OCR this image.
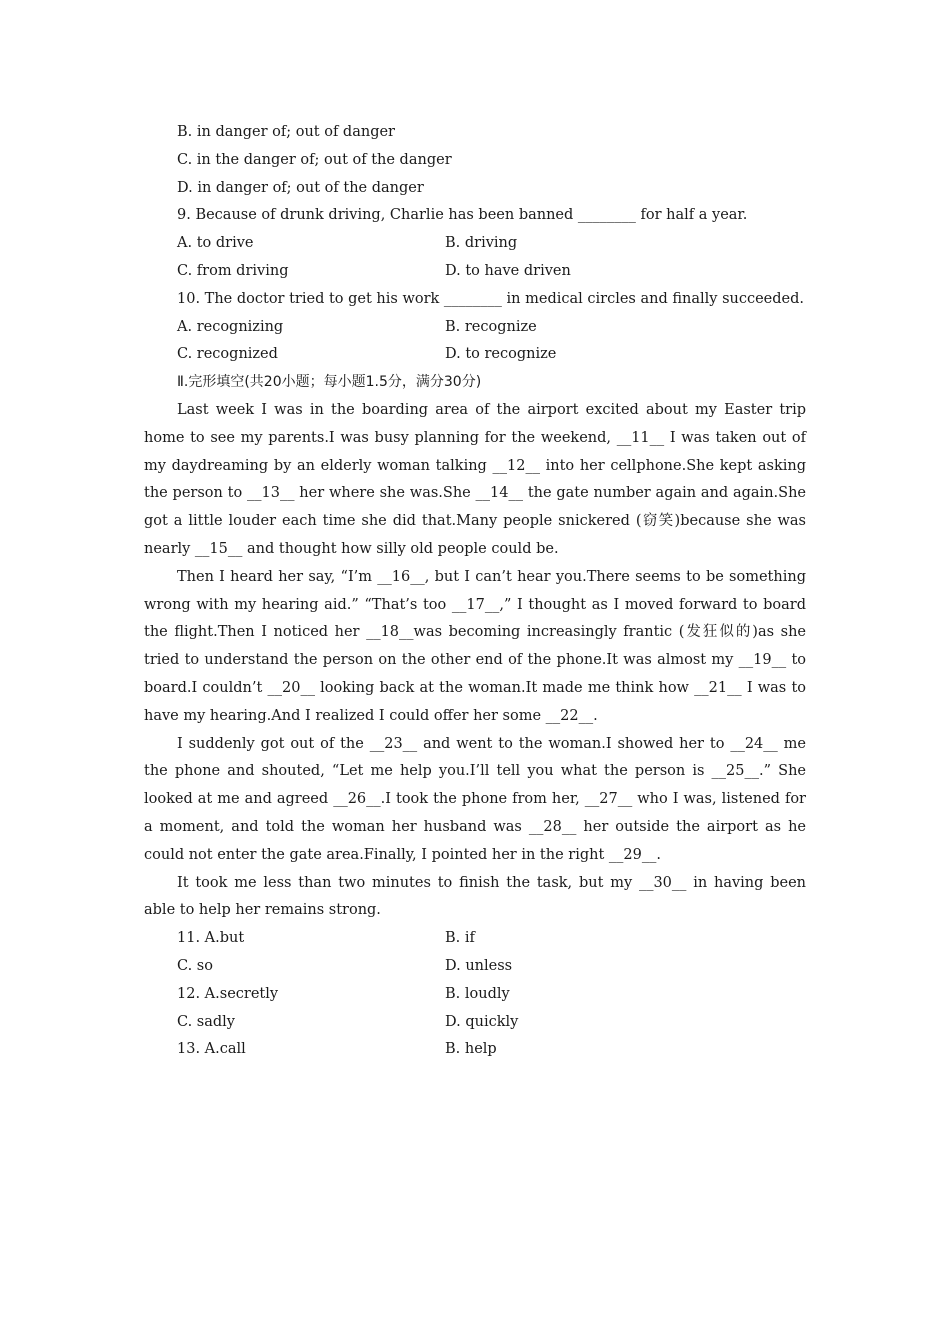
B. in danger of; out of danger
C. in the danger of; out of the danger
D. in danger of; out of the danger
9. Because of drunk driving, Charlie has been banned ________ for half a year.
A. to drive	B. driving
C. from driving	D. to have driven
10. The doctor tried to get his work ________ in medical circles and finally succeeded.
A. recognizing	B. recognize
C. recognized	D. to recognize
Ⅱ.完形填空(共20小题；每小题1.5分，满分30分)
Last week I was in the boarding area of the airport excited about my Easter trip home to see my parents.I was busy planning for the weekend, __11__ I was taken out of my daydreaming by an elderly woman talking __12__ into her cellphone.She kept asking the person to __13__ her where she was.She __14__ the gate number again and again.She got a little louder each time she did that.Many people snickered (窃笑)because she was nearly __15__ and thought how silly old people could be.
Then I heard her say, “I’m __16__, but I can’t hear you.There seems to be something wrong with my hearing aid.” “That’s too __17__,” I thought as I moved forward to board the flight.Then I noticed her __18__was becoming increasingly frantic (发狂似的)as she tried to understand the person on the other end of the phone.It was almost my __19__ to board.I couldn’t __20__ looking back at the woman.It made me think how __21__ I was to have my hearing.And I realized I could offer her some __22__.
I suddenly got out of the __23__ and went to the woman.I showed her to __24__ me the phone and shouted, “Let me help you.I’ll tell you what the person is __25__.” She looked at me and agreed __26__.I took the phone from her, __27__ who I was, listened for a moment, and told the woman her husband was __28__ her outside the airport as he could not enter the gate area.Finally, I pointed her in the right __29__.
It took me less than two minutes to finish the task, but my __30__ in having been able to help her remains strong.
11. A.but	B. if
C. so	D. unless
12. A.secretly	B. loudly
C. sadly	D. quickly
13. A.call	B. help
